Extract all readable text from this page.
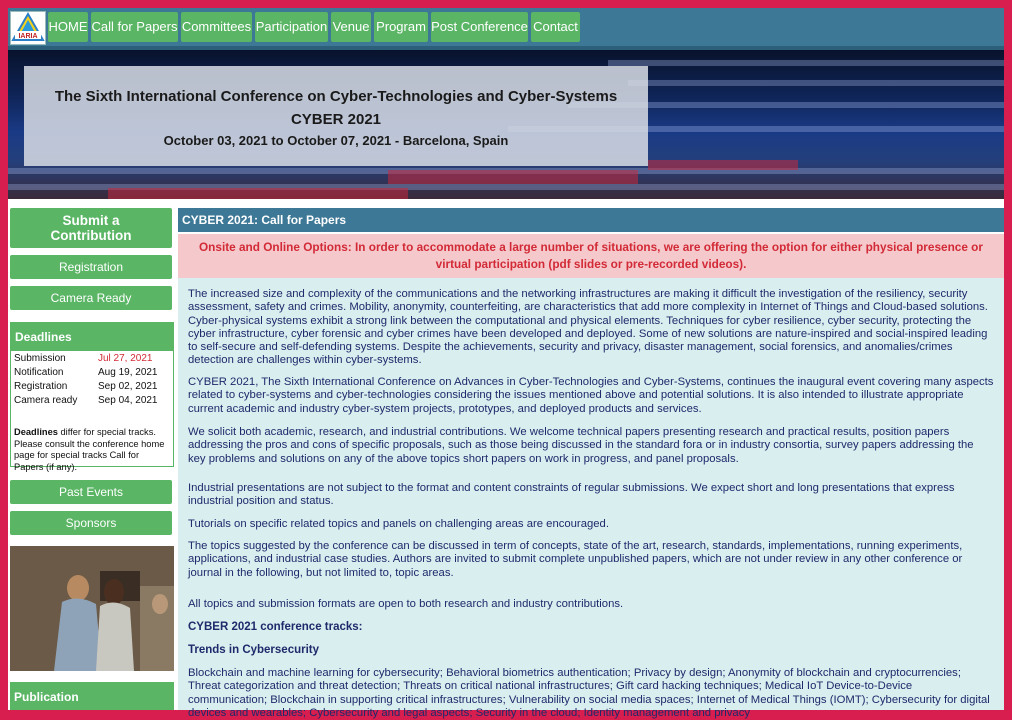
IARIA
HOME Call for Papers Committees Participation Venue Program Post Conference Contact
The Sixth International Conference on Cyber-Technologies and Cyber-Systems
CYBER 2021
October 03, 2021 to October 07, 2021 - Barcelona, Spain
Submit a
Contribution
Registration
Camera Ready
Deadlines
Submission	Jul 27, 2021
Notification	Aug 19, 2021
Registration	Sep 02, 2021
Camera ready	Sep 04, 2021
Deadlines differ for special tracks. Please consult the conference home page for special tracks Call for Papers (if any).
Past Events
Sponsors
Publication
CYBER 2021: Call for Papers
Onsite and Online Options: In order to accommodate a large number of situations, we are offering the option for either physical presence or virtual participation (pdf slides or pre-recorded videos).
The increased size and complexity of the communications and the networking infrastructures are making it difficult the investigation of the resiliency, security assessment, safety and crimes. Mobility, anonymity, counterfeiting, are characteristics that add more complexity in Internet of Things and Cloud-based solutions. Cyber-physical systems exhibit a strong link between the computational and physical elements. Techniques for cyber resilience, cyber security, protecting the cyber infrastructure, cyber forensic and cyber crimes have been developed and deployed. Some of new solutions are nature-inspired and social-inspired leading to self-secure and self-defending systems. Despite the achievements, security and privacy, disaster management, social forensics, and anomalies/crimes detection are challenges within cyber-systems.
CYBER 2021, The Sixth International Conference on Advances in Cyber-Technologies and Cyber-Systems, continues the inaugural event covering many aspects related to cyber-systems and cyber-technologies considering the issues mentioned above and potential solutions. It is also intended to illustrate appropriate current academic and industry cyber-system projects, prototypes, and deployed products and services.
We solicit both academic, research, and industrial contributions. We welcome technical papers presenting research and practical results, position papers addressing the pros and cons of specific proposals, such as those being discussed in the standard fora or in industry consortia, survey papers addressing the key problems and solutions on any of the above topics short papers on work in progress, and panel proposals.
Industrial presentations are not subject to the format and content constraints of regular submissions. We expect short and long presentations that express industrial position and status.
Tutorials on specific related topics and panels on challenging areas are encouraged.
The topics suggested by the conference can be discussed in term of concepts, state of the art, research, standards, implementations, running experiments, applications, and industrial case studies. Authors are invited to submit complete unpublished papers, which are not under review in any other conference or journal in the following, but not limited to, topic areas.
All topics and submission formats are open to both research and industry contributions.
CYBER 2021 conference tracks:
Trends in Cybersecurity
Blockchain and machine learning for cybersecurity; Behavioral biometrics authentication; Privacy by design; Anonymity of blockchain and cryptocurrencies; Threat categorization and threat detection; Threats on critical national infrastructures; Gift card hacking techniques; Medical IoT Device-to-Device communication; Blockchain in supporting critical infrastructures; Vulnerability on social media spaces; Internet of Medical Things (IOMT); Cybersecurity for digital devices and wearables; Cybersecurity and legal aspects; Security in the cloud; Identity management and privacy
